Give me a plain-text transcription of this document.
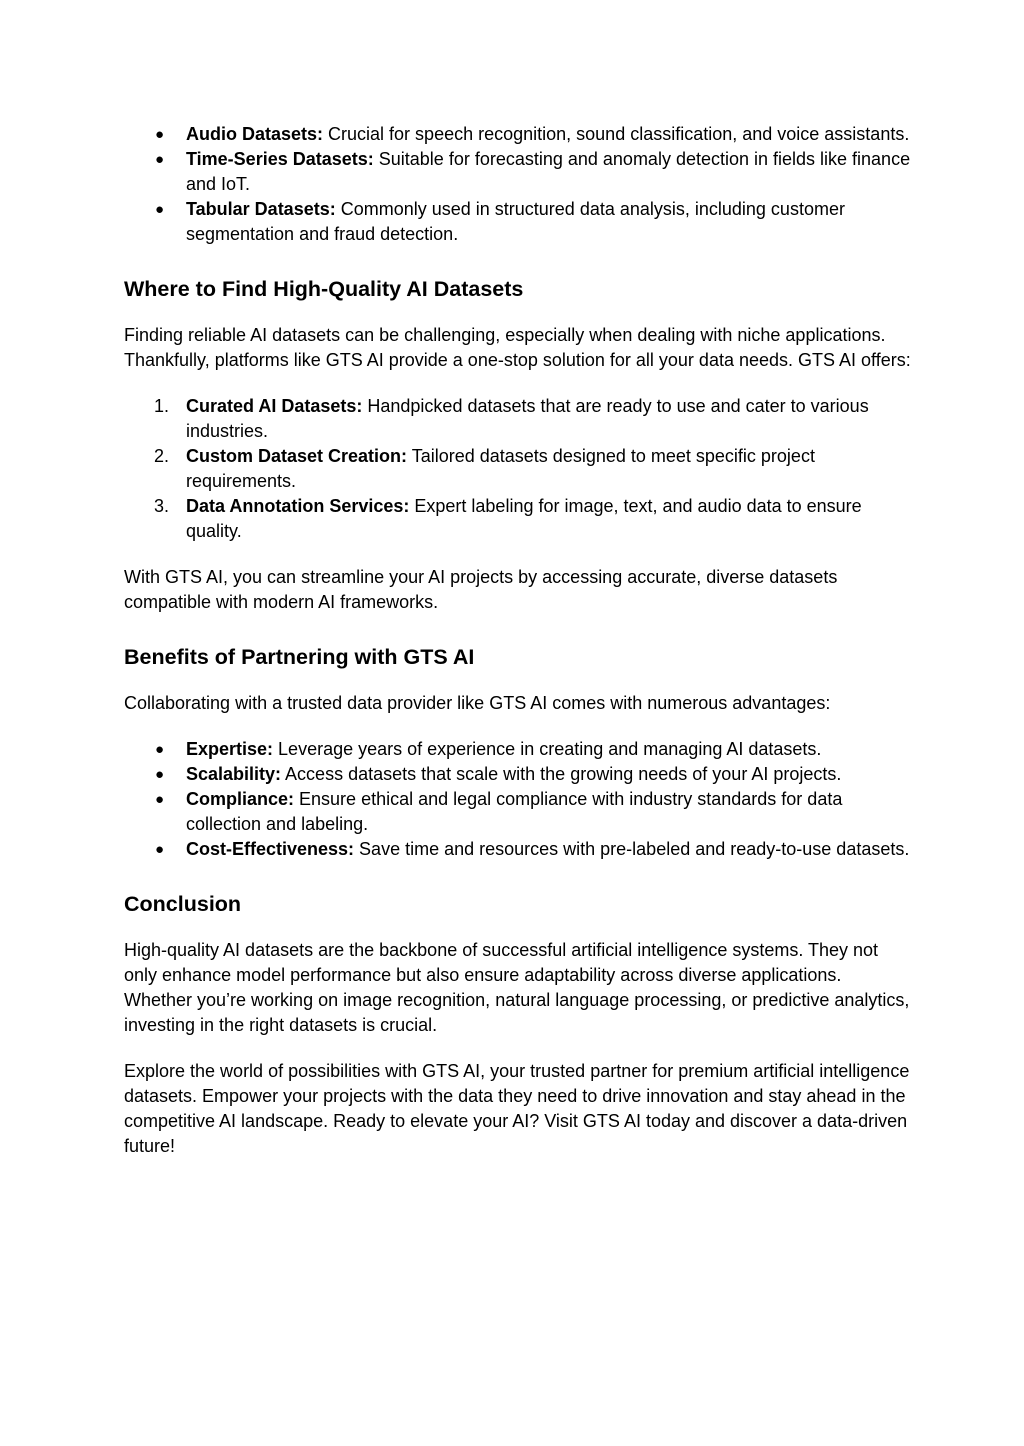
● Audio Datasets: Crucial for speech recognition, sound classification, and voice assistants.
● Time-Series Datasets: Suitable for forecasting and anomaly detection in fields like finance and IoT.
● Tabular Datasets: Commonly used in structured data analysis, including customer segmentation and fraud detection.
Where to Find High-Quality AI Datasets

Finding reliable AI datasets can be challenging, especially when dealing with niche applications. Thankfully, platforms like GTS AI provide a one-stop solution for all your data needs. GTS AI offers:

1. Curated AI Datasets: Handpicked datasets that are ready to use and cater to various industries.
2. Custom Dataset Creation: Tailored datasets designed to meet specific project requirements.
3. Data Annotation Services: Expert labeling for image, text, and audio data to ensure quality.

With GTS AI, you can streamline your AI projects by accessing accurate, diverse datasets compatible with modern AI frameworks.

Benefits of Partnering with GTS AI

Collaborating with a trusted data provider like GTS AI comes with numerous advantages:

● Expertise: Leverage years of experience in creating and managing AI datasets.
● Scalability: Access datasets that scale with the growing needs of your AI projects.
● Compliance: Ensure ethical and legal compliance with industry standards for data collection and labeling.
● Cost-Effectiveness: Save time and resources with pre-labeled and ready-to-use datasets.
Conclusion

High-quality AI datasets are the backbone of successful artificial intelligence systems. They not only enhance model performance but also ensure adaptability across diverse applications. Whether you’re working on image recognition, natural language processing, or predictive analytics, investing in the right datasets is crucial.

Explore the world of possibilities with GTS AI, your trusted partner for premium artificial intelligence datasets. Empower your projects with the data they need to drive innovation and stay ahead in the competitive AI landscape. Ready to elevate your AI? Visit GTS AI today and discover a data-driven future!
